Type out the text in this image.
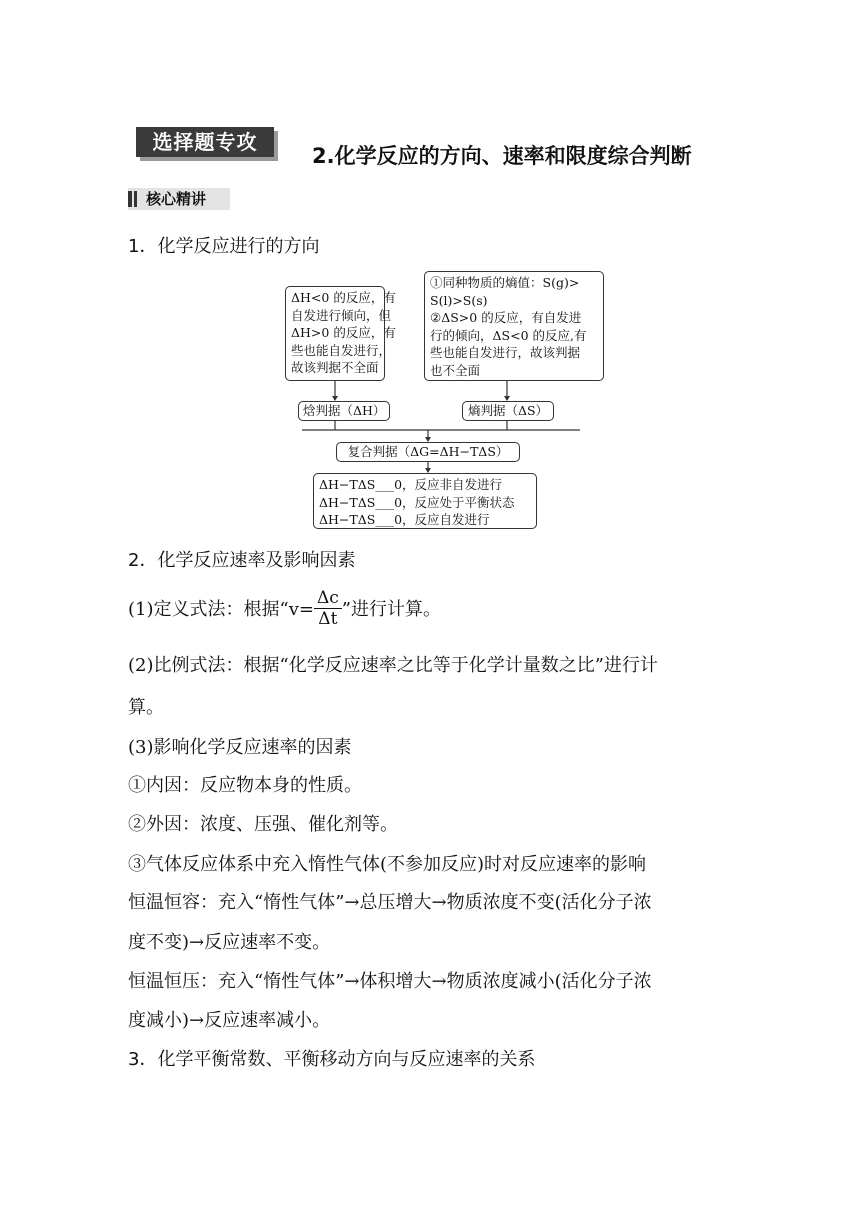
选择题专攻
2.化学反应的方向、速率和限度综合判断
核心精讲
1．化学反应进行的方向
ΔH<0 的反应，有
自发进行倾向，但
ΔH>0 的反应，有
些也能自发进行，
故该判据不全面
①同种物质的熵值：S(g)>
S(l)>S(s)
②ΔS>0 的反应，有自发进
行的倾向，ΔS<0 的反应,有
些也能自发进行，故该判据
也不全面
焓判据（ΔH）	熵判据（ΔS）
复合判据（ΔG=ΔH−TΔS）
ΔH−TΔS___0，反应非自发进行
ΔH−TΔS___0，反应处于平衡状态
ΔH−TΔS___0，反应自发进行
2．化学反应速率及影响因素
(1)定义式法：根据“$v= \frac{\Delta c}{\Delta t}$ ”进行计算。
(2)比例式法：根据“化学反应速率之比等于化学计量数之比”进行计
算。
(3)影响化学反应速率的因素
①内因：反应物本身的性质。
②外因：浓度、压强、催化剂等。
③气体反应体系中充入惰性气体(不参加反应)时对反应速率的影响
恒温恒容：充入“惰性气体”→总压增大→物质浓度不变(活化分子浓
度不变)→反应速率不变。
恒温恒压：充入“惰性气体”→体积增大→物质浓度减小(活化分子浓
度减小)→反应速率减小。
3．化学平衡常数、平衡移动方向与反应速率的关系
